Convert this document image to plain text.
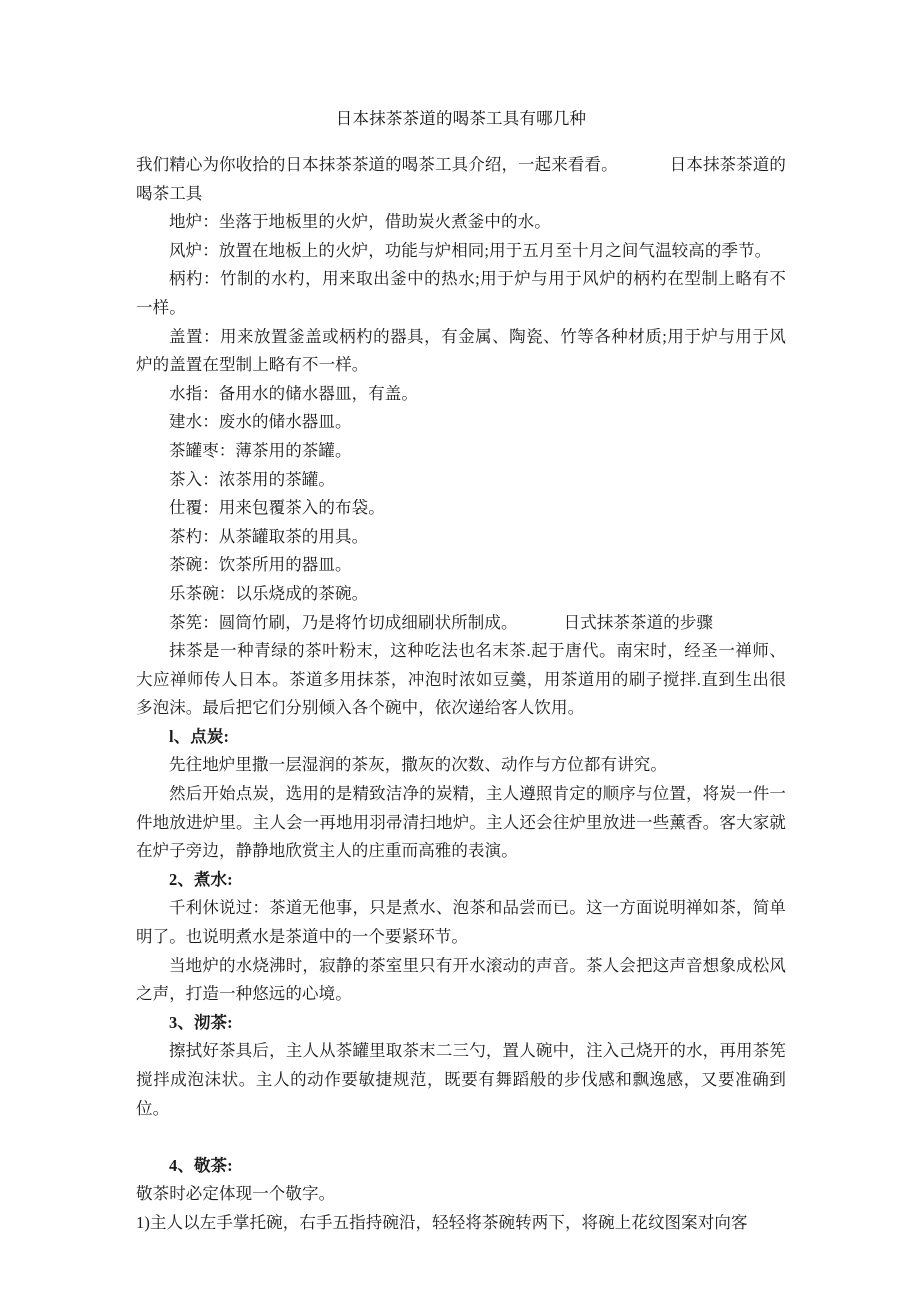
日本抹茶茶道的喝茶工具有哪几种

我们精心为你收拾的日本抹茶茶道的喝茶工具介绍，一起来看看。	日本抹茶茶道的喝茶工具

地炉：坐落于地板里的火炉，借助炭火煮釜中的水。

风炉：放置在地板上的火炉，功能与炉相同;用于五月至十月之间气温较高的季节。

柄杓：竹制的水杓，用来取出釜中的热水;用于炉与用于风炉的柄杓在型制上略有不一样。

盖置：用来放置釜盖或柄杓的器具，有金属、陶瓷、竹等各种材质;用于炉与用于风炉的盖置在型制上略有不一样。

水指：备用水的储水器皿，有盖。

建水：废水的储水器皿。

茶罐枣：薄茶用的茶罐。

茶入：浓茶用的茶罐。

仕覆：用来包覆茶入的布袋。

茶杓：从茶罐取茶的用具。

茶碗：饮茶所用的器皿。

乐茶碗：以乐烧成的茶碗。

茶筅：圆筒竹刷，乃是将竹切成细刷状所制成。	日式抹茶茶道的步骤

抹茶是一种青绿的茶叶粉末，这种吃法也名末茶.起于唐代。南宋时，经圣一禅师、大应禅师传人日本。茶道多用抹茶，冲泡时浓如豆羹，用茶道用的刷子搅拌.直到生出很多泡沫。最后把它们分别倾入各个碗中，依次递给客人饮用。

l、点炭:

先往地炉里撒一层湿润的茶灰，撒灰的次数、动作与方位都有讲究。

然后开始点炭，选用的是精致洁净的炭精，主人遵照肯定的顺序与位置，将炭一件一件地放进炉里。主人会一再地用羽帚清扫地炉。主人还会往炉里放进一些薰香。客大家就在炉子旁边，静静地欣赏主人的庄重而高雅的表演。

2、煮水:

千利休说过：茶道无他事，只是煮水、泡茶和品尝而已。这一方面说明禅如茶，简单明了。也说明煮水是茶道中的一个要紧环节。

当地炉的水烧沸时，寂静的茶室里只有开水滚动的声音。茶人会把这声音想象成松风之声，打造一种悠远的心境。

3、沏茶:

擦拭好茶具后，主人从茶罐里取茶末二三勺，置人碗中，注入己烧开的水，再用茶筅搅拌成泡沫状。主人的动作要敏捷规范，既要有舞蹈般的步伐感和飘逸感，又要准确到位。

4、敬茶:

敬茶时必定体现一个敬字。

1)主人以左手掌托碗，右手五指持碗沿，轻轻将茶碗转两下，将碗上花纹图案对向客
